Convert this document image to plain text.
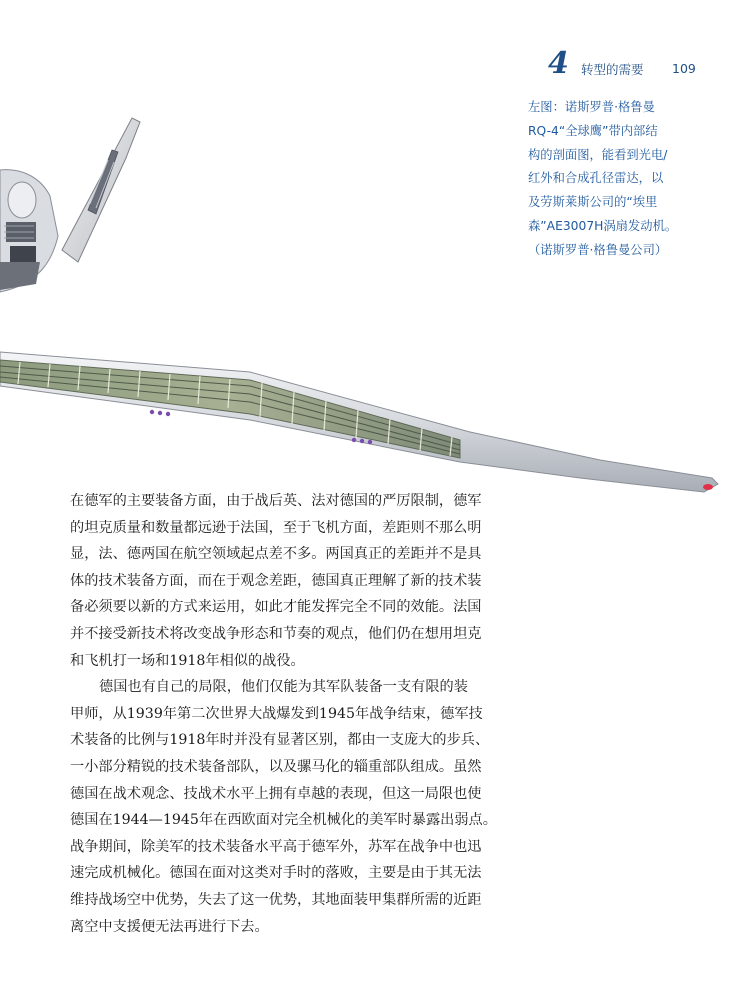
4 转型的需要 109
左图：诺斯罗普·格鲁曼
RQ-4“全球鹰”带内部结
构的剖面图，能看到光电/
红外和合成孔径雷达，以
及劳斯莱斯公司的“埃里
森”AE3007H涡扇发动机。
（诺斯罗普·格鲁曼公司）
在德军的主要装备方面，由于战后英、法对德国的严厉限制，德军
的坦克质量和数量都远逊于法国，至于飞机方面，差距则不那么明
显，法、德两国在航空领域起点差不多。两国真正的差距并不是具
体的技术装备方面，而在于观念差距，德国真正理解了新的技术装
备必须要以新的方式来运用，如此才能发挥完全不同的效能。法国
并不接受新技术将改变战争形态和节奏的观点，他们仍在想用坦克
和飞机打一场和1918年相似的战役。
德国也有自己的局限，他们仅能为其军队装备一支有限的装
甲师，从1939年第二次世界大战爆发到1945年战争结束，德军技
术装备的比例与1918年时并没有显著区别，都由一支庞大的步兵、
一小部分精锐的技术装备部队，以及骡马化的辎重部队组成。虽然
德国在战术观念、技战术水平上拥有卓越的表现，但这一局限也使
德国在1944—1945年在西欧面对完全机械化的美军时暴露出弱点。
战争期间，除美军的技术装备水平高于德军外，苏军在战争中也迅
速完成机械化。德国在面对这类对手时的落败，主要是由于其无法
维持战场空中优势，失去了这一优势，其地面装甲集群所需的近距
离空中支援便无法再进行下去。
